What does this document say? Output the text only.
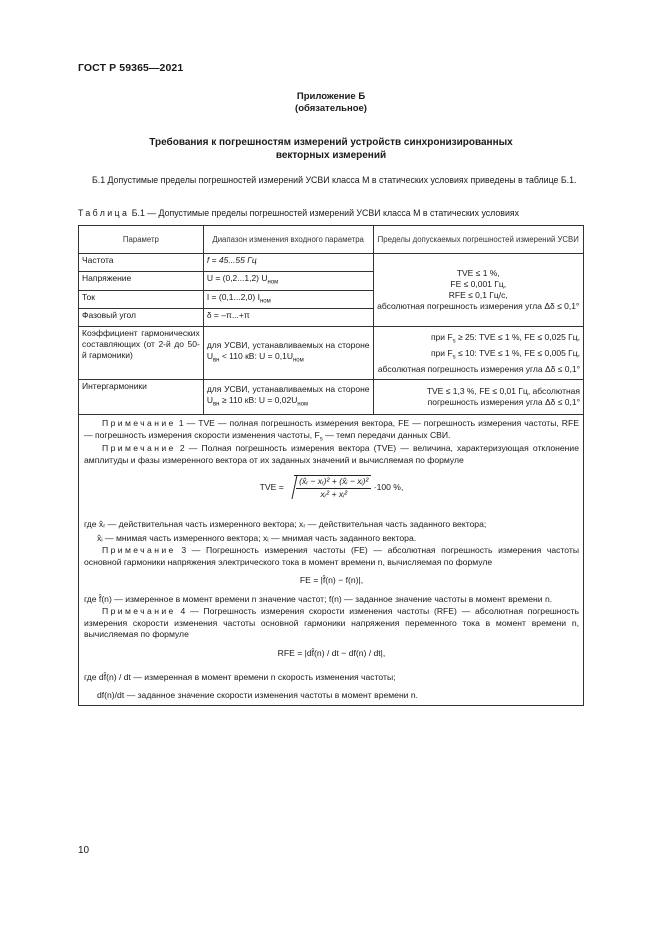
ГОСТ Р 59365—2021
Приложение Б
(обязательное)
Требования к погрешностям измерений устройств синхронизированных
векторных измерений
Б.1 Допустимые пределы погрешностей измерений УСВИ класса М в статических условиях приведены в таблице Б.1.
Таблица Б.1 — Допустимые пределы погрешностей измерений УСВИ класса М в статических условиях
Параметр	Диапазон изменения входного параметра	Пределы допускаемых погрешностей измерений УСВИ
Частота	f = 45...55 Гц	TVE ≤ 1 %,
FE ≤ 0,001 Гц,
RFE ≤ 0,1 Гц/с,
абсолютная погрешность измерения угла Δδ ≤ 0,1°

Напряжение	U = (0,2...1,2) $U_{ном}$
Ток	I = (0,1...2,0) $I_{ном}$
Фазовый угол	δ = –π...+π	
Коэффициент гармонических составляющих (от 2-й до 50-й гармоники)	для УСВИ, устанавливаемых на стороне $U_{вн} < 110$ кВ: $U = 0,1U_{ном}$	при $F_s \ge 25$: TVE ≤ 1 %, FE ≤ 0,025 Гц,
при $F_s \le 10$: TVE ≤ 1 %, FE ≤ 0,005 Гц,
абсолютная погрешность измерения угла Δδ ≤ 0,1°

Интергармоники	для УСВИ, устанавливаемых на стороне $U_{вн} \ge 110$ кВ: $U = 0,02U_{ном}$	TVE ≤ 1,3 %, FE ≤ 0,01 Гц, абсолютная погрешность измерения угла Δδ ≤ 0,1°
Примечание 1 — TVE — полная погрешность измерения вектора, FE — погрешность измерения частоты, RFE — погрешность измерения скорости изменения частоты, $F_s$ — темп передачи данных СВИ.
Примечание 2 — Полная погрешность измерения вектора (TVE) — величина, характеризующая отклонение амплитуды и фазы измеренного вектора от их заданных значений и вычисляемая по формуле
TVE = $\frac{\text{(x̂ᵣ − xᵣ)² + (x̂ᵢ − xᵢ)²}}{\text{xᵣ² + xᵢ²}} \cdot 100$ %,
где x̂ᵣ — действительная часть измеренного вектора; xᵣ — действительная часть заданного вектора;
x̂ᵢ — мнимая часть измеренного вектора; xᵢ — мнимая часть заданного вектора.
Примечание 3 — Погрешность измерения частоты (FE) — абсолютная погрешность измерения частоты основной гармоники напряжения электрического тока в момент времени n, вычисляемая по формуле
FE = |f̂(n) − f(n)|,
где f̂(n) — измеренное в момент времени n значение частот; f(n) — заданное значение частоты в момент времени n.
Примечание 4 — Погрешность измерения скорости изменения частоты (RFE) — абсолютная погрешность измерения скорости изменения частоты основной гармоники напряжения переменного тока в момент времени n, вычисляемая по формуле
RFE = |df̂(n) / dt − df(n) / dt|,
где df̂(n) / dt — измеренная в момент времени n скорость изменения частоты;
df(n)/dt — заданное значение скорости изменения частоты в момент времени n.
10
